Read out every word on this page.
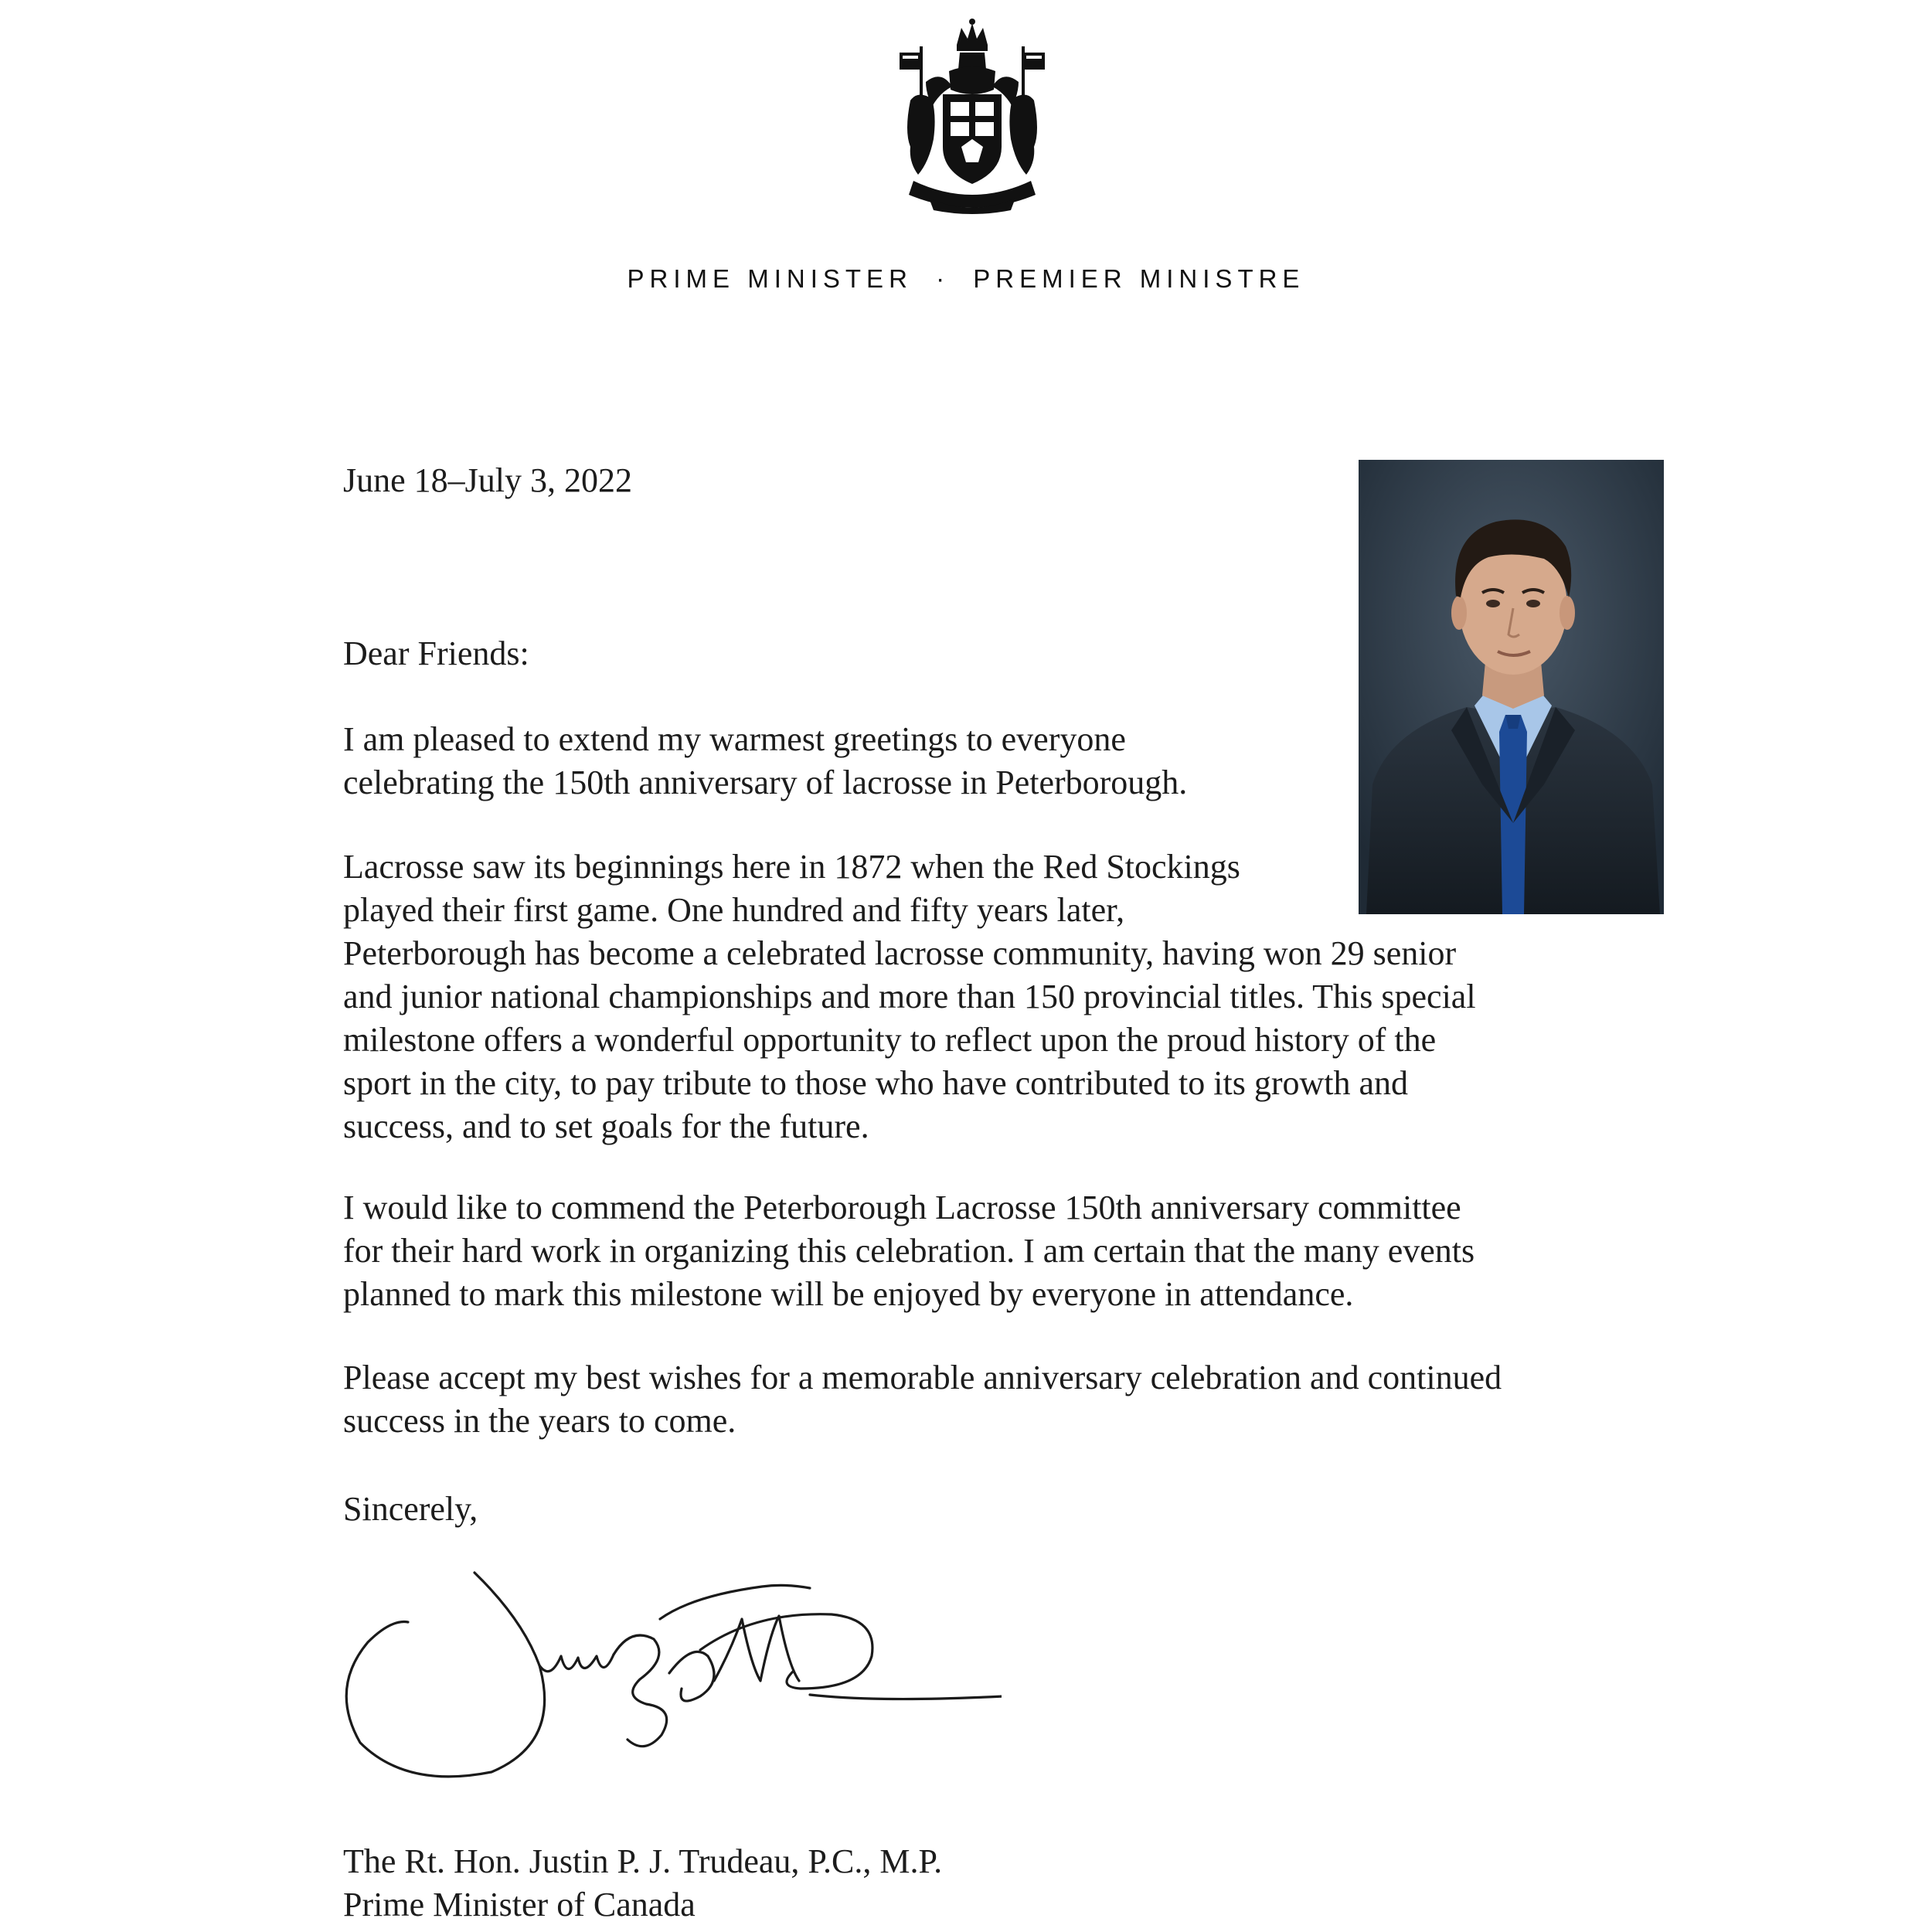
PRIME MINISTER · PREMIER MINISTRE

June 18–July 3, 2022

Dear Friends:

I am pleased to extend my warmest greetings to everyone
celebrating the 150th anniversary of lacrosse in Peterborough.
Lacrosse saw its beginnings here in 1872 when the Red Stockings
played their first game. One hundred and fifty years later,
Peterborough has become a celebrated lacrosse community, having won 29 senior
and junior national championships and more than 150 provincial titles. This special
milestone offers a wonderful opportunity to reflect upon the proud history of the
sport in the city, to pay tribute to those who have contributed to its growth and
success, and to set goals for the future.
I would like to commend the Peterborough Lacrosse 150th anniversary committee
for their hard work in organizing this celebration. I am certain that the many events
planned to mark this milestone will be enjoyed by everyone in attendance.
Please accept my best wishes for a memorable anniversary celebration and continued
success in the years to come.

Sincerely,

The Rt. Hon. Justin P. J. Trudeau, P.C., M.P.

Prime Minister of Canada
